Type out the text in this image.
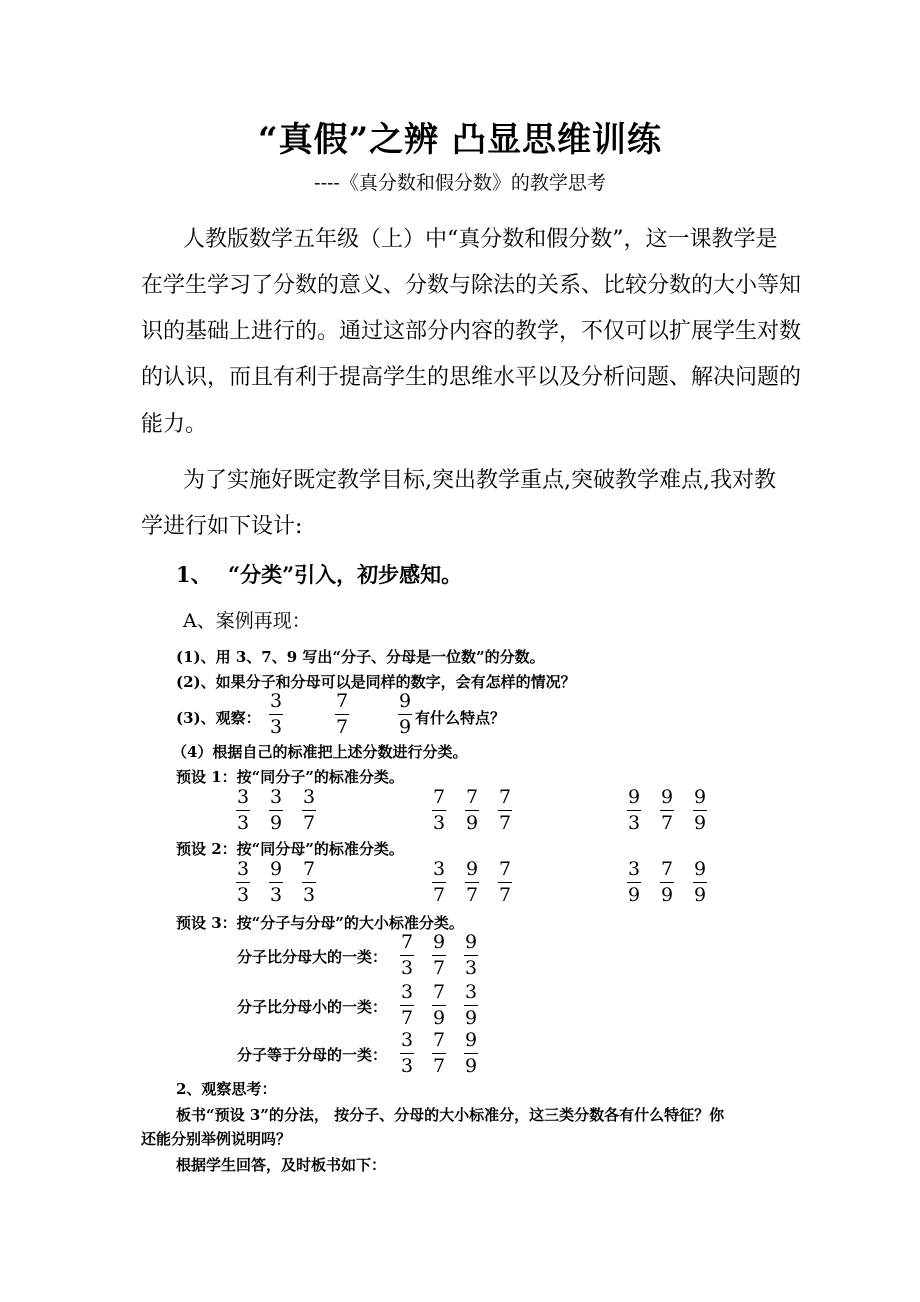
“真假”之辨 凸显思维训练
----《真分数和假分数》的教学思考
人教版数学五年级（上）中“真分数和假分数”，这一课教学是
在学生学习了分数的意义、分数与除法的关系、比较分数的大小等知
识的基础上进行的。通过这部分内容的教学，不仅可以扩展学生对数
的认识，而且有利于提高学生的思维水平以及分析问题、解决问题的
能力。
为了实施好既定教学目标,突出教学重点,突破教学难点,我对教
学进行如下设计:
1、 “分类”引入，初步感知。
A、案例再现：
(1)、用 3、7、9 写出“分子、分母是一位数”的分数。
(2)、如果分子和分母可以是同样的数字，会有怎样的情况？
(3)、观察：
3
3
7
7
9
9 有什么特点？
（4）根据自己的标准把上述分数进行分类。
预设 1：按“同分子”的标准分类。
3
3
3
9
3
7
7
3
7
9
7
7
9
3
9
7
9
9
预设 2：按“同分母”的标准分类。
3
3
9
3
7
3
3
7
9
7
7
7
3
9
7
9
9
9
预设 3：按“分子与分母”的大小标准分类。
分子比分母大的一类：
7
3
9
7
9
3
分子比分母小的一类：
3
7
7
9
3
9
分子等于分母的一类：
3
3
7
7
9
9
2、观察思考：
板书“预设 3”的分法， 按分子、分母的大小标准分，这三类分数各有什么特征？你
还能分别举例说明吗？
根据学生回答，及时板书如下：
